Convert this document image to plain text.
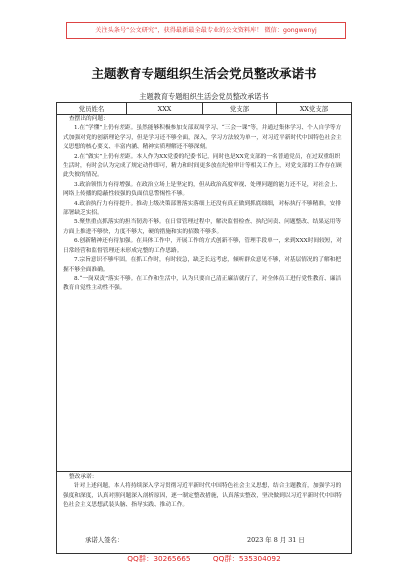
关注头条号“公文研究”，获得最新最全最专业的公文资料库！ 微信：gongwenyj
主题教育专题组织生活会党员整改承诺书
主题教育专题组织生活会党员整改承诺书
党员姓名	XXX	党支部	XX党支部

查摆出的问题：

1.在“学懂”上仍有差距。虽然能够积极参加支部双周学习、“三会一课”等，并通过集体学习、个人自学等方式加强对党的创新理论学习，但是学习还不够全面，深入，学习方法较为单一，对习近平新时代中国特色社会主义思想的核心要义、丰富内涵、精神实质理解还不够深刻。

2.在“做实”上仍有差距。本人作为XX党委的纪委书记，同时也是XX党支部的一名普通党员，在过双重组织生活时，有时会认为完成了规定动作即可，精力和时间更多放在纪检审计等相关工作上，对党支部的工作存在顾此失彼的情况。

3.政治领悟力有待增强。在政治立场上是坚定的，但从政治高度审视、处理问题的能力还不足，对社会上、网络上传播的隐蔽性较强的负面信息警惕性不够。

4.政治执行力有待提升。推动上级决策部署落实落细上还没有真正做到抓底细细，对标执行不够精准，安排部署缺乏实招。

5.聚焦重点抓落实的担当韧劲不够。在日常管理过程中，解决监督检查、执纪问责、问题整改、结果运用等方面上推进不够快，力度不够大，硬的措施和实的招数不够多。

6.创新精神还有待加强。在具体工作中，开展工作的方式创新不够，管理手段单一，来到XXX时间较短，对日常经营和监督管理还未形成完整的工作思路。

7.宗旨意识不够牢固。在抓工作时，有时较急，缺乏长远考虑，倾听群众意见不够，对基层情况的了解和把握不够全面准确。

8.“一岗双责”落实不够。在工作和生活中，认为只要自己清正廉洁就行了，对全体员工进行党性教育、廉洁教育自觉性主动性不强。

整改承诺：

针对上述问题，本人将持续深入学习贯彻习近平新时代中国特色社会主义思想，结合主题教育，加强学习的强度和深度，认真对照问题深入剖析原因，逐一制定整改措施，认真落实整改，坚决做到以习近平新时代中国特色社会主义思想武装头脑、指导实践、推动工作。

承诺人签名：	2023 年 8 月 31 日
QQ群：30265665	QQ群：535304092
